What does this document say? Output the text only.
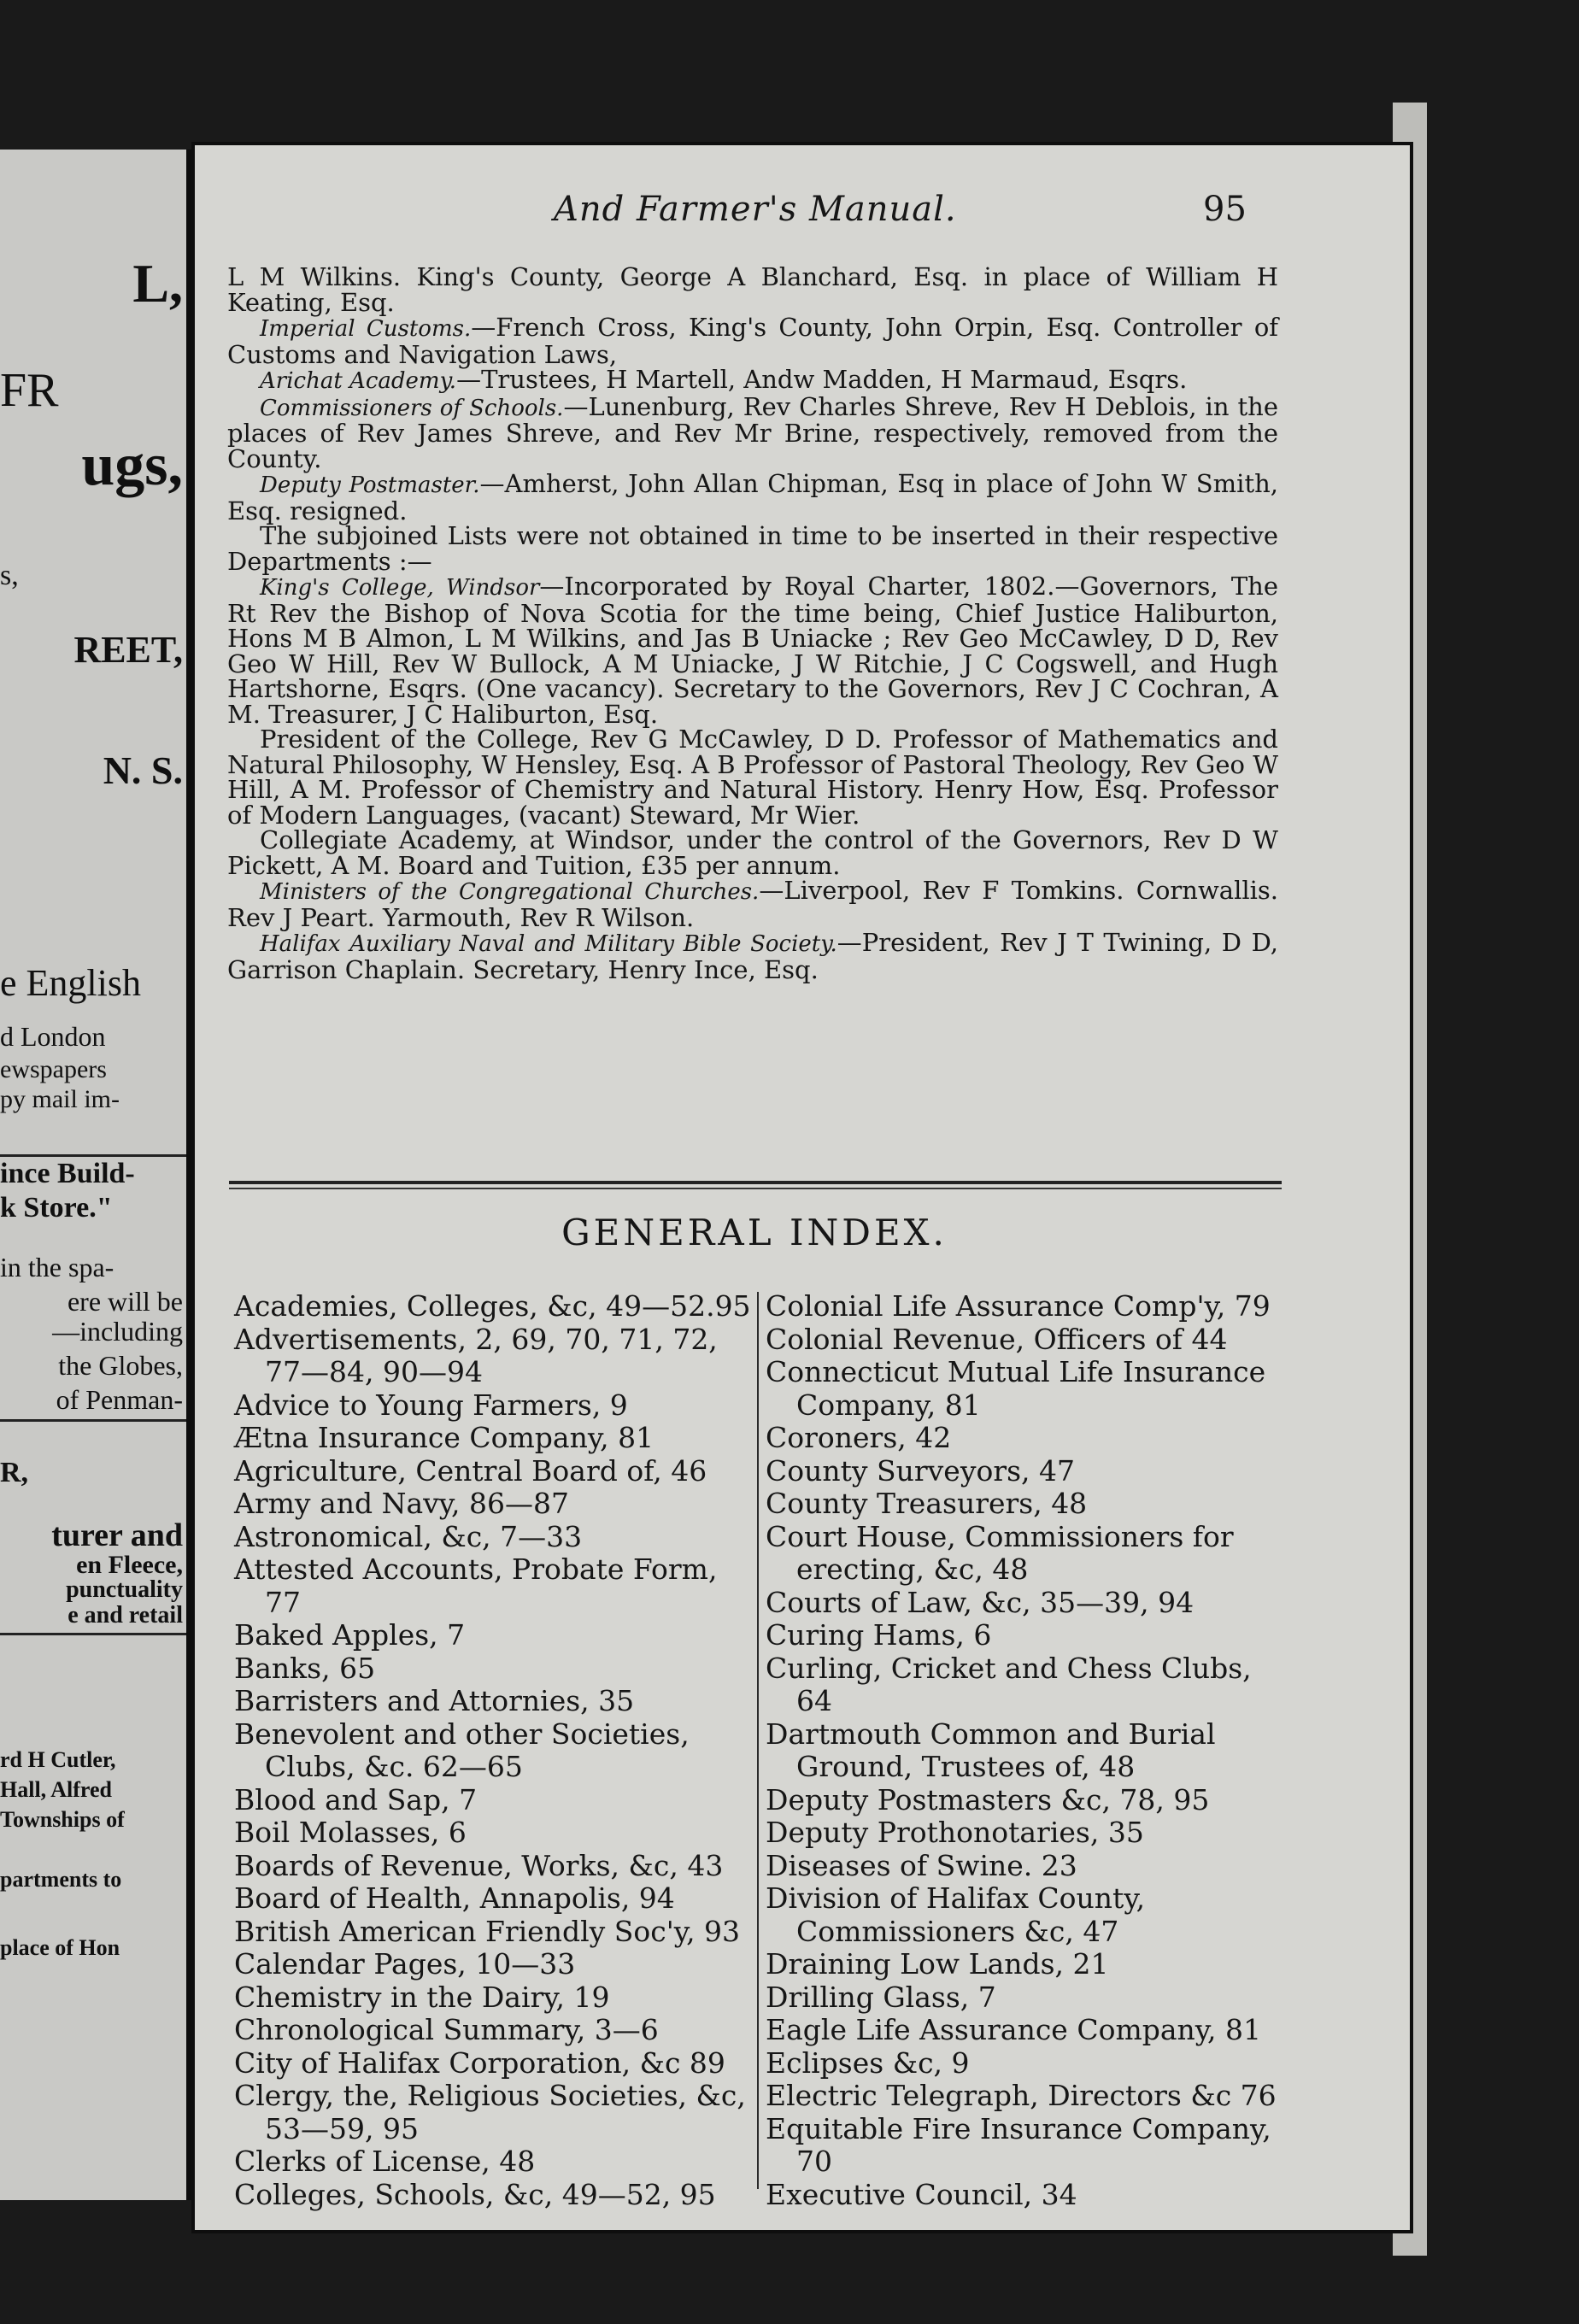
L,
FR
ugs,
s,
REET,
N. S.
e English
d London
ewspapers
py mail im-
ince Build-
k Store."
in the spa-
ere will be
—including
the Globes,
of Penman-
R,
turer and
en Fleece,
punctuality
e and retail
rd H Cutler,
Hall, Alfred
Townships of
partments to
place of Hon
And Farmer's Manual.	95

L M Wilkins. King's County, George A Blanchard, Esq. in place of William H Keating, Esq.

Imperial Customs.—French Cross, King's County, John Orpin, Esq. Controller of Customs and Navigation Laws,

Arichat Academy.—Trustees, H Martell, Andw Madden, H Marmaud, Esqrs.

Commissioners of Schools.—Lunenburg, Rev Charles Shreve, Rev H Deblois, in the places of Rev James Shreve, and Rev Mr Brine, respectively, removed from the County.

Deputy Postmaster.—Amherst, John Allan Chipman, Esq in place of John W Smith, Esq. resigned.

The subjoined Lists were not obtained in time to be inserted in their respective Departments :—

King's College, Windsor—Incorporated by Royal Charter, 1802.—Governors, The Rt Rev the Bishop of Nova Scotia for the time being, Chief Justice Haliburton, Hons M B Almon, L M Wilkins, and Jas B Uniacke ; Rev Geo McCawley, D D, Rev Geo W Hill, Rev W Bullock, A M Uniacke, J W Ritchie, J C Cogswell, and Hugh Hartshorne, Esqrs. (One vacancy). Secretary to the Governors, Rev J C Cochran, A M. Treasurer, J C Haliburton, Esq.

President of the College, Rev G McCawley, D D. Professor of Mathematics and Natural Philosophy, W Hensley, Esq. A B Professor of Pastoral Theology, Rev Geo W Hill, A M. Professor of Chemistry and Natural History. Henry How, Esq. Professor of Modern Languages, (vacant) Steward, Mr Wier.

Collegiate Academy, at Windsor, under the control of the Governors, Rev D W Pickett, A M. Board and Tuition, £35 per annum.

Ministers of the Congregational Churches.—Liverpool, Rev F Tomkins. Cornwallis. Rev J Peart. Yarmouth, Rev R Wilson.

Halifax Auxiliary Naval and Military Bible Society.—President, Rev J T Twining, D D, Garrison Chaplain. Secretary, Henry Ince, Esq.

GENERAL INDEX.

Academies, Colleges, &c, 49—52.95

Advertisements, 2, 69, 70, 71, 72, 77—84, 90—94

Advice to Young Farmers, 9

Ætna Insurance Company, 81

Agriculture, Central Board of, 46

Army and Navy, 86—87

Astronomical, &c, 7—33

Attested Accounts, Probate Form, 77

Baked Apples, 7

Banks, 65

Barristers and Attornies, 35

Benevolent and other Societies, Clubs, &c. 62—65

Blood and Sap, 7

Boil Molasses, 6

Boards of Revenue, Works, &c, 43

Board of Health, Annapolis, 94

British American Friendly Soc'y, 93

Calendar Pages, 10—33

Chemistry in the Dairy, 19

Chronological Summary, 3—6

City of Halifax Corporation, &c 89

Clergy, the, Religious Societies, &c, 53—59, 95

Clerks of License, 48

Colleges, Schools, &c, 49—52, 95

Colonial Life Assurance Comp'y, 79

Colonial Revenue, Officers of 44

Connecticut Mutual Life Insurance Company, 81

Coroners, 42

County Surveyors, 47

County Treasurers, 48

Court House, Commissioners for erecting, &c, 48

Courts of Law, &c, 35—39, 94

Curing Hams, 6

Curling, Cricket and Chess Clubs, 64

Dartmouth Common and Burial Ground, Trustees of, 48

Deputy Postmasters &c, 78, 95

Deputy Prothonotaries, 35

Diseases of Swine. 23

Division of Halifax County, Commissioners &c, 47

Draining Low Lands, 21

Drilling Glass, 7

Eagle Life Assurance Company, 81

Eclipses &c, 9

Electric Telegraph, Directors &c 76

Equitable Fire Insurance Company, 70

Executive Council, 34
